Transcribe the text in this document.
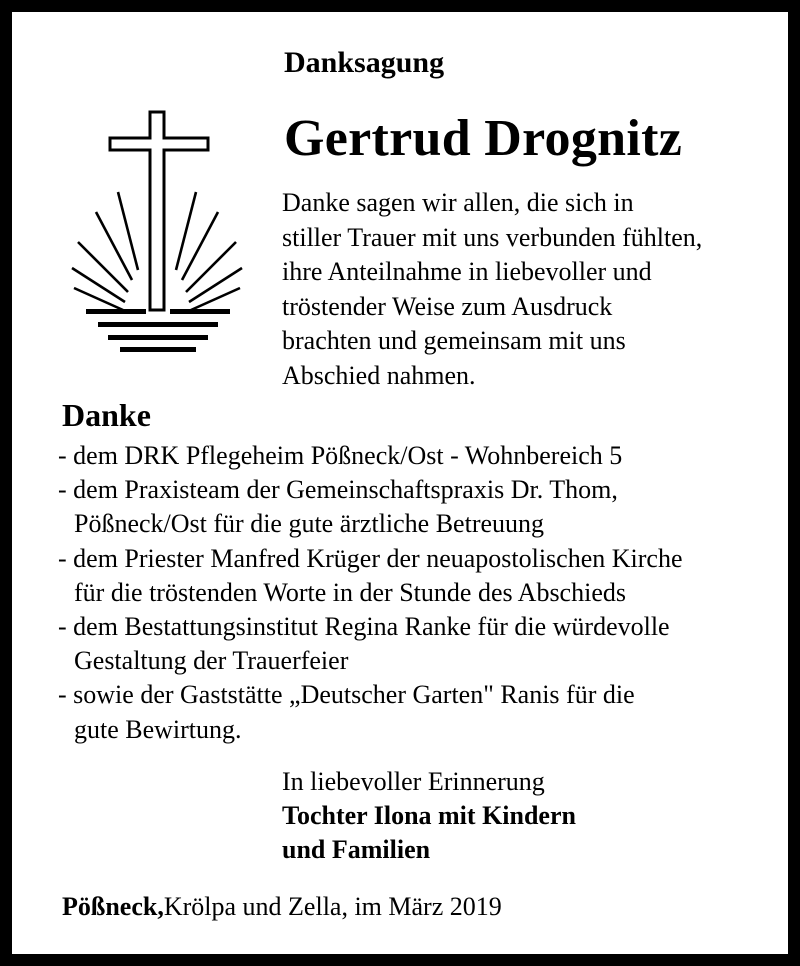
Danksagung
Gertrud Drognitz
Danke sagen wir allen, die sich in
stiller Trauer mit uns verbunden fühlten,
ihre Anteilnahme in liebevoller und
tröstender Weise zum Ausdruck
brachten und gemeinsam mit uns
Abschied nahmen.
Danke
- dem DRK Pflegeheim Pößneck/Ost - Wohnbereich 5
- dem Praxisteam der Gemeinschaftspraxis Dr. Thom,
Pößneck/Ost für die gute ärztliche Betreuung
- dem Priester Manfred Krüger der neuapostolischen Kirche
für die tröstenden Worte in der Stunde des Abschieds
- dem Bestattungsinstitut Regina Ranke für die würdevolle
Gestaltung der Trauerfeier
- sowie der Gaststätte „Deutscher Garten" Ranis für die
gute Bewirtung.
In liebevoller Erinnerung
Tochter Ilona mit Kindern
und Familien
Pößneck,Krölpa und Zella, im März 2019
